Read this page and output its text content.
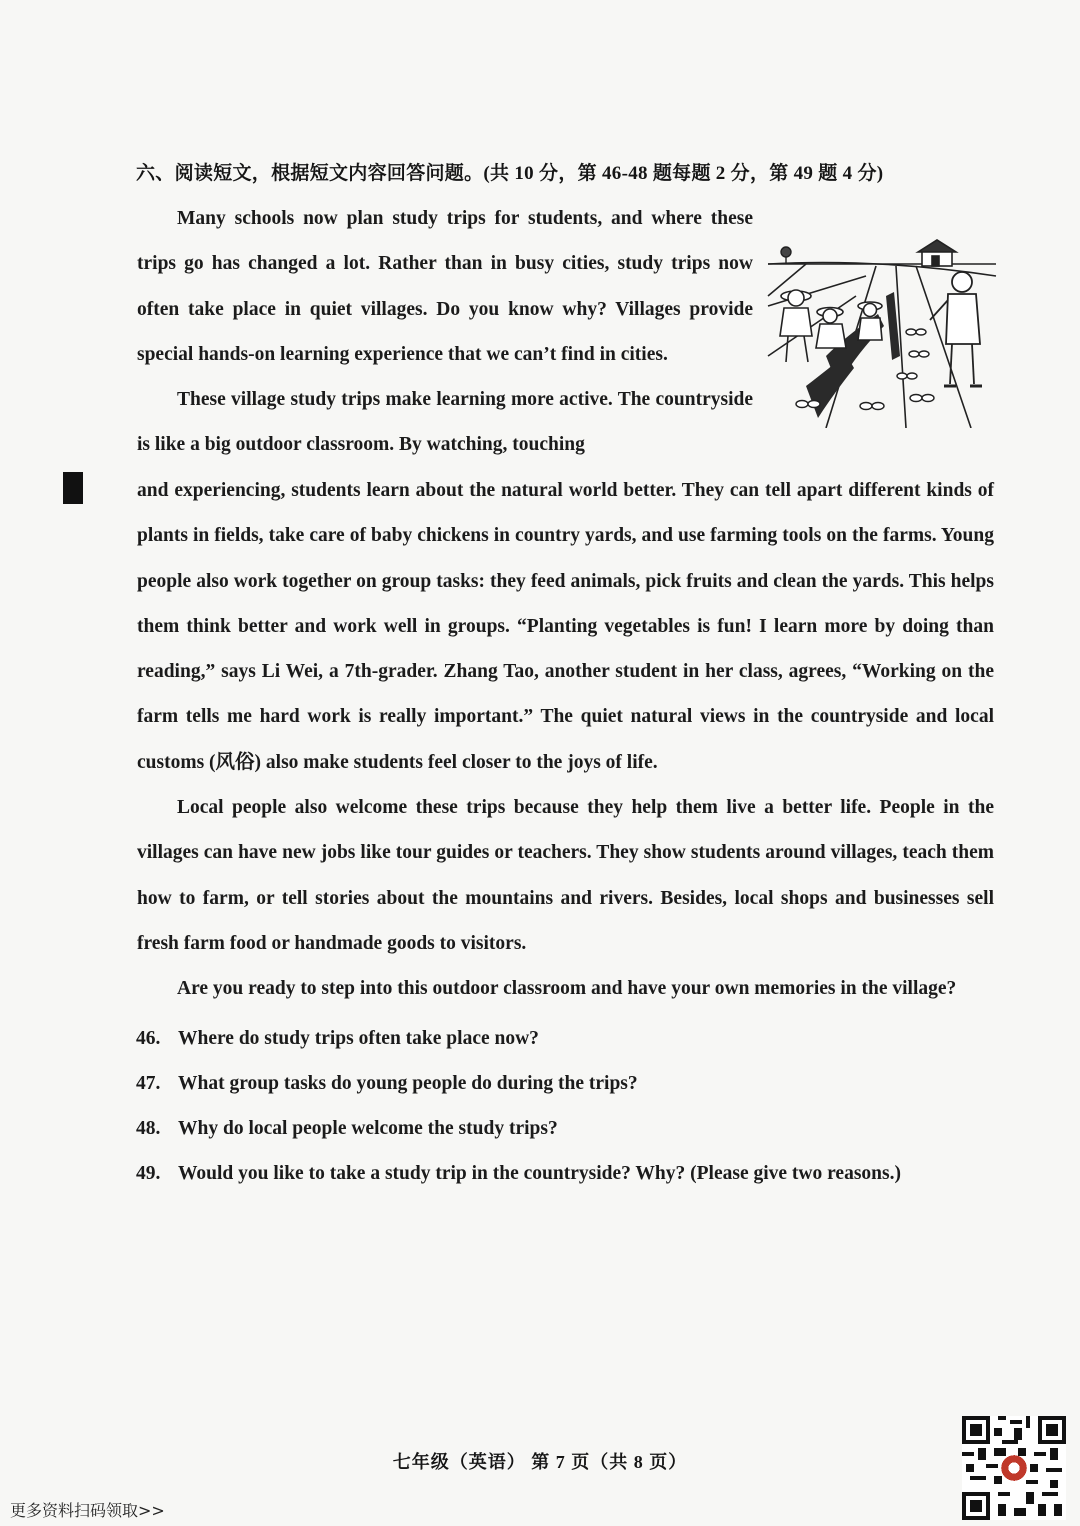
六、阅读短文，根据短文内容回答问题。(共 10 分，第 46-48 题每题 2 分，第 49 题 4 分)

Many schools now plan study trips for students, and where these trips go has changed a lot. Rather than in busy cities, study trips now often take place in quiet villages. Do you know why? Villages provide special hands-on learning experience that we can’t find in cities.

These village study trips make learning more active. The countryside is like a big outdoor classroom. By watching, touching

and experiencing, students learn about the natural world better. They can tell apart different kinds of plants in fields, take care of baby chickens in country yards, and use farming tools on the farms. Young people also work together on group tasks: they feed animals, pick fruits and clean the yards. This helps them think better and work well in groups. “Planting vegetables is fun! I learn more by doing than reading,” says Li Wei, a 7th-grader. Zhang Tao, another student in her class, agrees, “Working on the farm tells me hard work is really important.” The quiet natural views in the countryside and local customs (风俗) also make students feel closer to the joys of life.

Local people also welcome these trips because they help them live a better life. People in the villages can have new jobs like tour guides or teachers. They show students around villages, teach them how to farm, or tell stories about the mountains and rivers. Besides, local shops and businesses sell fresh farm food or handmade goods to visitors.

Are you ready to step into this outdoor classroom and have your own memories in the village?

46. Where do study trips often take place now?
47. What group tasks do young people do during the trips?
48. Why do local people welcome the study trips?
49. Would you like to take a study trip in the countryside? Why? (Please give two reasons.)
七年级（英语） 第 7 页（共 8 页）
更多资料扫码领取>>
